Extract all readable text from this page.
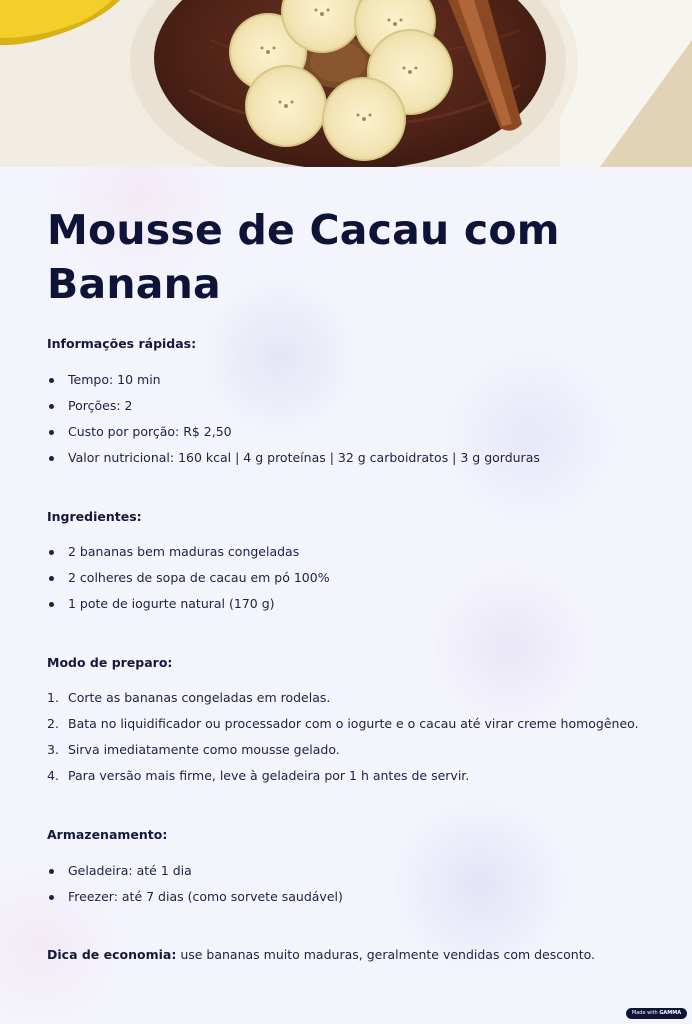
Mousse de Cacau com Banana

Informações rápidas:

Tempo: 10 min
Porções: 2
Custo por porção: R$ 2,50
Valor nutricional: 160 kcal | 4 g proteínas | 32 g carboidratos | 3 g gorduras

Ingredientes:

2 bananas bem maduras congeladas
2 colheres de sopa de cacau em pó 100%
1 pote de iogurte natural (170 g)

Modo de preparo:

1. Corte as bananas congeladas em rodelas.
2. Bata no liquidificador ou processador com o iogurte e o cacau até virar creme homogêneo.
3. Sirva imediatamente como mousse gelado.
4. Para versão mais firme, leve à geladeira por 1 h antes de servir.

Armazenamento:

Geladeira: até 1 dia
Freezer: até 7 dias (como sorvete saudável)

Dica de economia: use bananas muito maduras, geralmente vendidas com desconto.

Made with GAMMA
